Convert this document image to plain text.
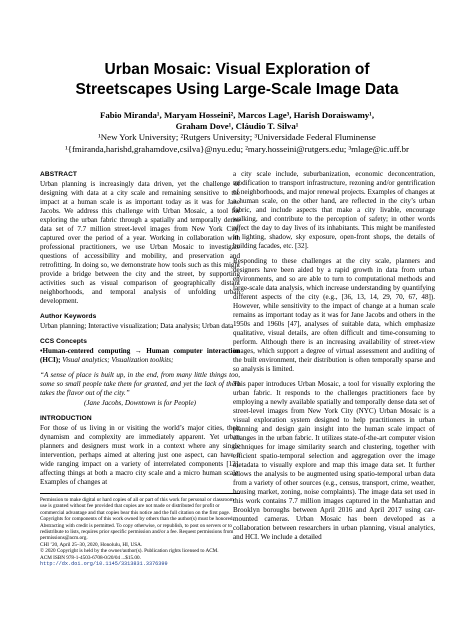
Urban Mosaic: Visual Exploration of
Streetscapes Using Large-Scale Image Data
Fabio Miranda¹, Maryam Hosseini², Marcos Lage³, Harish Doraiswamy¹,
Graham Dove¹, Cláudio T. Silva¹
¹New York University; ²Rutgers University; ³Universidade Federal Fluminense
¹{fmiranda,harishd,grahamdove,csilva}@nyu.edu; ²mary.hosseini@rutgers.edu; ³mlage@ic.uff.br
ABSTRACT
Urban planning is increasingly data driven, yet the challenge of designing with data at a city scale and remaining sensitive to the impact at a human scale is as important today as it was for Jane Jacobs. We address this challenge with Urban Mosaic, a tool for exploring the urban fabric through a spatially and temporally dense data set of 7.7 million street-level images from New York City, captured over the period of a year. Working in collaboration with professional practitioners, we use Urban Mosaic to investigate questions of accessibility and mobility, and preservation and retrofitting. In doing so, we demonstrate how tools such as this might provide a bridge between the city and the street, by supporting activities such as visual comparison of geographically distant neighborhoods, and temporal analysis of unfolding urban development.
Author Keywords
Urban planning; Interactive visualization; Data analysis; Urban data
CCS Concepts
•Human-centered computing → Human computer interaction (HCI); Visual analytics; Visualization toolkits;
“A sense of place is built up, in the end, from many little things too, some so small people take them for granted, and yet the lack of them takes the flavor out of the city.”
(Jane Jacobs, Downtown is for People)
INTRODUCTION
For those of us living in or visiting the world’s major cities, their dynamism and complexity are immediately apparent. Yet urban planners and designers must work in a context where any single intervention, perhaps aimed at altering just one aspect, can have a wide ranging impact on a variety of interrelated components [12], affecting things at both a macro city scale and a micro human scale. Examples of changes at
Permission to make digital or hard copies of all or part of this work for personal or classroom use is granted without fee provided that copies are not made or distributed for profit or commercial advantage and that copies bear this notice and the full citation on the first page. Copyrights for components of this work owned by others than the author(s) must be honored. Abstracting with credit is permitted. To copy otherwise, or republish, to post on servers or to redistribute to lists, requires prior specific permission and/or a fee. Request permissions from permissions@acm.org.
CHI ’20, April 25–30, 2020, Honolulu, HI, USA.
© 2020 Copyright is held by the owner/author(s). Publication rights licensed to ACM.
ACM ISBN 978-1-4503-6708-0/20/04 ...$15.00.
http://dx.doi.org/10.1145/3313831.3376399
a city scale include, suburbanization, economic deconcentration, modification to transport infrastructure, rezoning and/or gentrification of neighborhoods, and major renewal projects. Examples of changes at a human scale, on the other hand, are reflected in the city’s urban fabric, and include aspects that make a city livable, encourage walking, and contribute to the perception of safety; in other words affect the day to day lives of its inhabitants. This might be manifested in lighting, shadow, sky exposure, open-front shops, the details of building facades, etc. [32].
Responding to these challenges at the city scale, planners and designers have been aided by a rapid growth in data from urban environments, and so are able to turn to computational methods and large-scale data analysis, which increase understanding by quantifying different aspects of the city (e.g., [36, 13, 14, 29, 70, 67, 48]). However, while sensitivity to the impact of change at a human scale remains as important today as it was for Jane Jacobs and others in the 1950s and 1960s [47], analyses of suitable data, which emphasize qualitative, visual details, are often difficult and time-consuming to perform. Although there is an increasing availability of street-view images, which support a degree of virtual assessment and auditing of the built environment, their distribution is often temporally sparse and so analysis is limited.
This paper introduces Urban Mosaic, a tool for visually exploring the urban fabric. It responds to the challenges practitioners face by employing a newly available spatially and temporally dense data set of street-level images from New York City (NYC) Urban Mosaic is a visual exploration system designed to help practitioners in urban planning and design gain insight into the human scale impact of changes in the urban fabric. It utilizes state-of-the-art computer vision techniques for image similarity search and clustering, together with efficient spatio-temporal selection and aggregation over the image metadata to visually explore and map this image data set. It further allows the analysis to be augmented using spatio-temporal urban data from a variety of other sources (e.g., census, transport, crime, weather, housing market, zoning, noise complaints). The image data set used in this work contains 7.7 million images captured in the Manhattan and Brooklyn boroughs between April 2016 and April 2017 using car-mounted cameras. Urban Mosaic has been developed as a collaboration between researchers in urban planning, visual analytics, and HCI. We include a detailed
